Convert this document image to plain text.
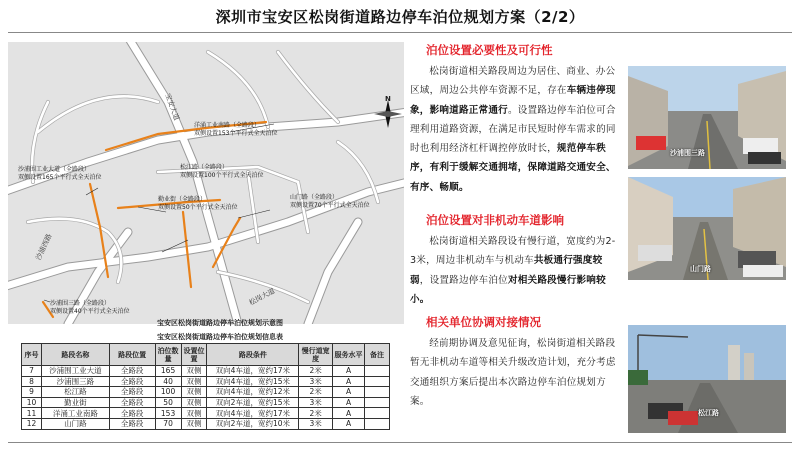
深圳市宝安区松岗街道路边停车泊位规划方案（2/2）
N
宝安大道
松岗大道
沙浦西路
洋涌工业南路（全路段）
双侧设置153个平行式全天泊位
松江路（全路段）
双侧设置100个平行式全天泊位
沙浦围工业大道（全路段）
双侧设置165个平行式全天泊位
勤业街（全路段）
双侧设置50个平行式全天泊位
山门路（全路段）
双侧设置70个平行式全天泊位
沙浦围三路（全路段）
双侧设置40个平行式全天泊位
宝安区松岗街道路边停车泊位规划示意图
宝安区松岗街道路边停车泊位规划信息表
序号	路段名称	路段位置	泊位数量	设置位置	路段条件	慢行道宽度	服务水平	备注
7	沙浦围工业大道	全路段	165	双侧	双向4车道，宽约17米	2米	A	
8	沙浦围三路	全路段	40	双侧	双向4车道，宽约15米	3米	A	
9	松江路	全路段	100	双侧	双向4车道，宽约12米	2米	A	
10	勤业街	全路段	50	双侧	双向2车道，宽约15米	3米	A	
11	洋涌工业南路	全路段	153	双侧	双向4车道，宽约17米	2米	A	
12	山门路	全路段	70	双侧	双向2车道，宽约10米	3米	A	
泊位设置必要性及可行性
松岗街道相关路段周边为居住、商业、办公区域，周边公共停车资源不足，存在车辆违停现象，影响道路正常通行。设置路边停车泊位可合理利用道路资源，在满足市民短时停车需求的同时也利用经济杠杆调控停放时长，规范停车秩序，有利于缓解交通拥堵，保障道路交通安全、有序、畅顺。
泊位设置对非机动车道影响
松岗街道相关路段设有慢行道，宽度约为2-3米，周边非机动车与机动车共板通行强度较弱，设置路边停车泊位对相关路段慢行影响较小。
相关单位协调对接情况
经前期协调及意见征询，松岗街道相关路段暂无非机动车道等相关升级改造计划，充分考虑交通组织方案后提出本次路边停车泊位规划方案。
沙浦围三路
山门路
松江路
